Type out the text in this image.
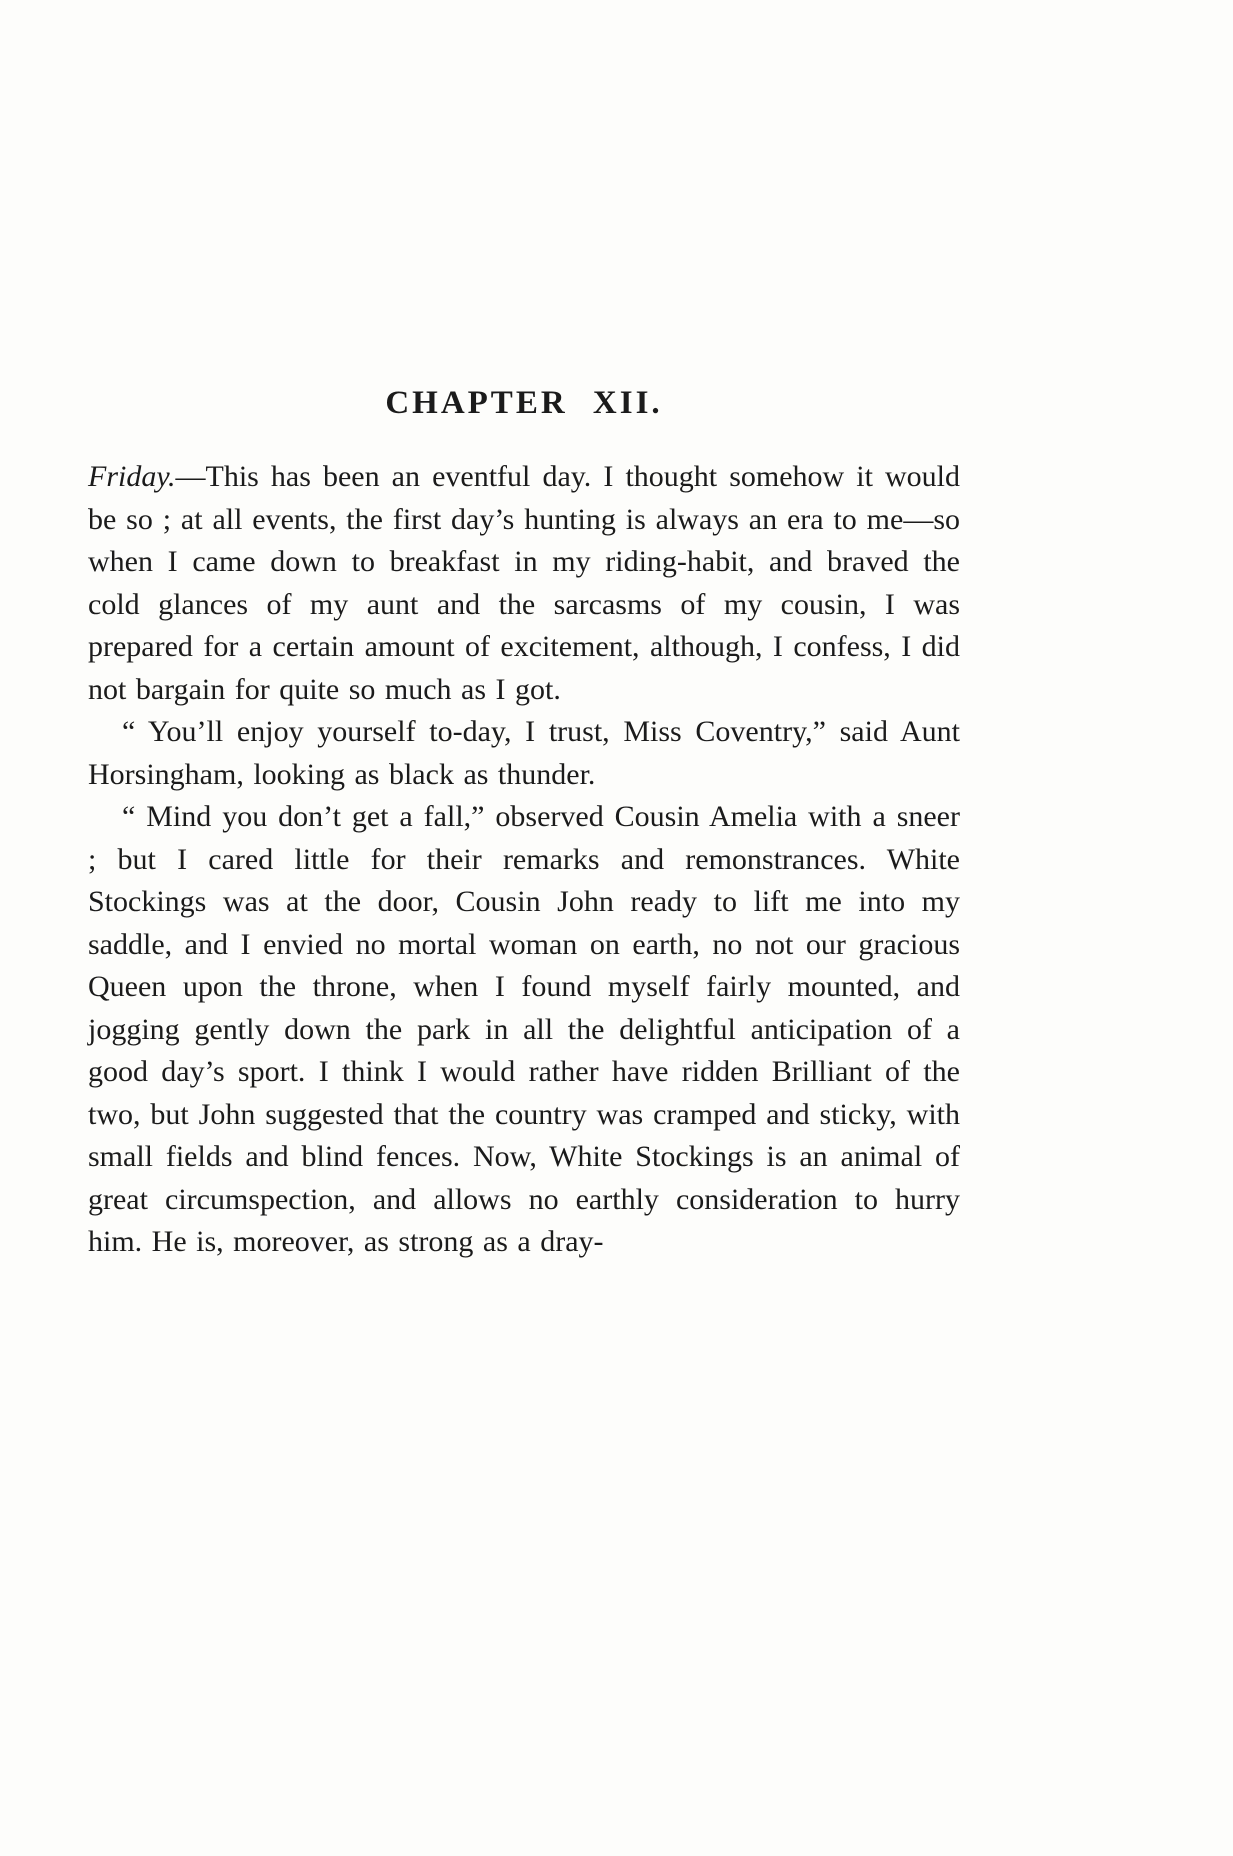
CHAPTER XII.

Friday.—This has been an eventful day. I thought somehow it would be so ; at all events, the first day’s hunting is always an era to me—so when I came down to breakfast in my riding-habit, and braved the cold glances of my aunt and the sarcasms of my cousin, I was prepared for a certain amount of excitement, although, I confess, I did not bargain for quite so much as I got.

“ You’ll enjoy yourself to-day, I trust, Miss Coventry,” said Aunt Horsingham, looking as black as thunder.

“ Mind you don’t get a fall,” observed Cousin Amelia with a sneer ; but I cared little for their remarks and remonstrances. White Stockings was at the door, Cousin John ready to lift me into my saddle, and I envied no mortal woman on earth, no not our gracious Queen upon the throne, when I found myself fairly mounted, and jogging gently down the park in all the delightful anticipation of a good day’s sport. I think I would rather have ridden Brilliant of the two, but John suggested that the country was cramped and sticky, with small fields and blind fences. Now, White Stockings is an animal of great circumspection, and allows no earthly consideration to hurry him. He is, moreover, as strong as a dray-
